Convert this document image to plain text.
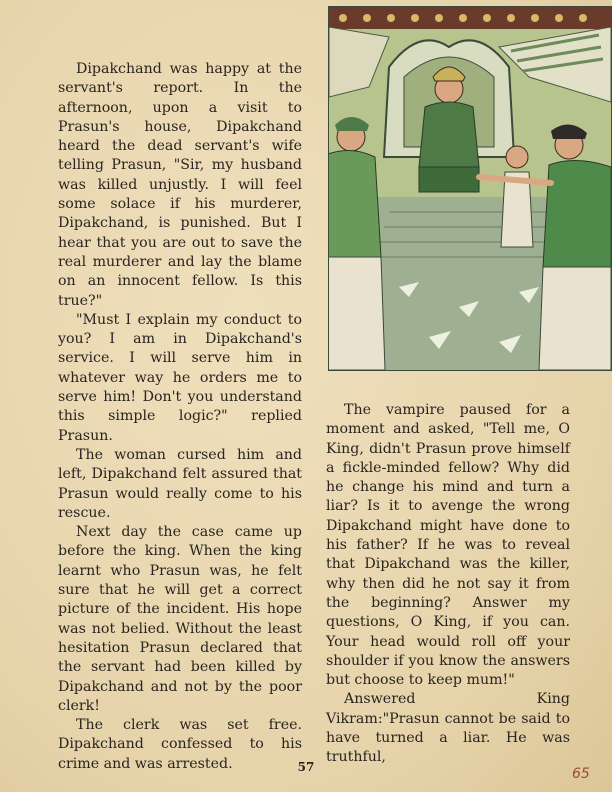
Dipakchand was happy at the servant's report. In the afternoon, upon a visit to Prasun's house, Dipakchand heard the dead servant's wife telling Prasun, "Sir, my husband was killed unjustly. I will feel some solace if his murderer, Dipakchand, is punished. But I hear that you are out to save the real murderer and lay the blame on an innocent fellow. Is this true?"

"Must I explain my conduct to you? I am in Dipakchand's service. I will serve him in whatever way he orders me to serve him! Don't you understand this simple logic?" replied Prasun.

The woman cursed him and left, Dipakchand felt assured that Prasun would really come to his rescue.

Next day the case came up before the king. When the king learnt who Prasun was, he felt sure that he will get a correct picture of the incident. His hope was not belied. Without the least hesitation Prasun declared that the servant had been killed by Dipakchand and not by the poor clerk!

The clerk was set free. Dipakchand confessed to his crime and was arrested.

The vampire paused for a moment and asked, "Tell me, O King, didn't Prasun prove himself a fickle-minded fellow? Why did he change his mind and turn a liar? Is it to avenge the wrong Dipakchand might have done to his father? If he was to reveal that Dipakchand was the killer, why then did he not say it from the beginning? Answer my questions, O King, if you can. Your head would roll off your shoulder if you know the answers but choose to keep mum!"

Answered King Vikram:"Prasun cannot be said to have turned a liar. He was truthful,

57	65
